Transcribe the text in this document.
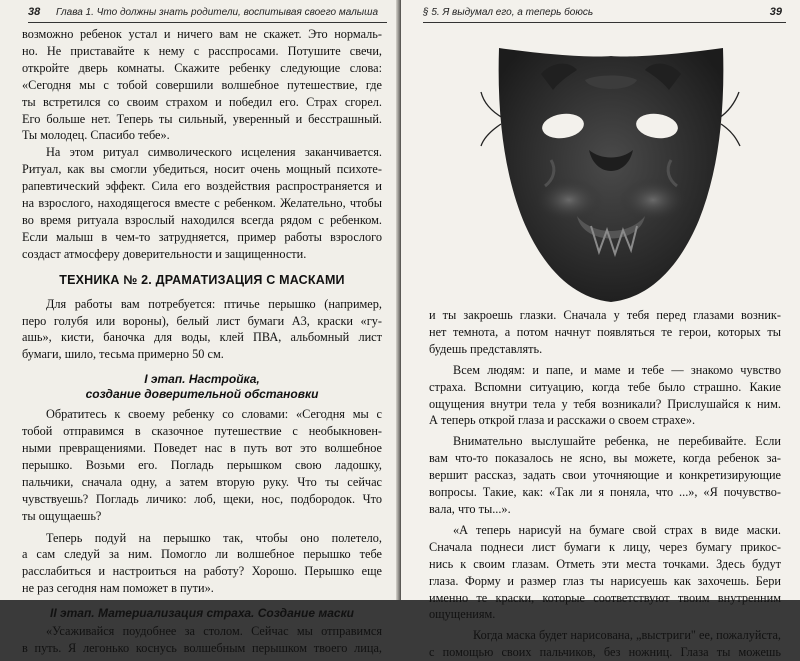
38 Глава 1. Что должны знать родители, воспитывая своего малыша
возможно ребенок устал и ничего вам не скажет. Это нормаль-
но. Не приставайте к нему с расспросами. Потушите свечи,
откройте дверь комнаты. Скажите ребенку следующие слова:
«Сегодня мы с тобой совершили волшебное путешествие, где
ты встретился со своим страхом и победил его. Страх сгорел.
Его больше нет. Теперь ты сильный, уверенный и бесстрашный.
Ты молодец. Спасибо тебе».
На этом ритуал символического исцеления заканчивается.
Ритуал, как вы смогли убедиться, носит очень мощный психоте-
рапевтический эффект. Сила его воздействия распространяется и
на взрослого, находящегося вместе с ребенком. Желательно, чтобы
во время ритуала взрослый находился всегда рядом с ребенком.
Если малыш в чем-то затрудняется, пример работы взрослого
создаст атмосферу доверительности и защищенности.
ТЕХНИКА № 2. ДРАМАТИЗАЦИЯ С МАСКАМИ
Для работы вам потребуется: птичье перышко (например,
перо голубя или вороны), белый лист бумаги А3, краски «гу-
ашь», кисти, баночка для воды, клей ПВА, альбомный лист
бумаги, шило, тесьма примерно 50 см.
I этап. Настройка,
создание доверительной обстановки
Обратитесь к своему ребенку со словами: «Сегодня мы с
тобой отправимся в сказочное путешествие с необыкновен-
ными превращениями. Поведет нас в путь вот это волшебное
перышко. Возьми его. Погладь перышком свою ладошку,
пальчики, сначала одну, а затем вторую руку. Что ты сейчас
чувствуешь? Погладь личико: лоб, щеки, нос, подбородок. Что
ты ощущаешь?
Теперь подуй на перышко так, чтобы оно полетело,
а сам следуй за ним. Помогло ли волшебное перышко тебе
расслабиться и настроиться на работу? Хорошо. Перышко еще
не раз сегодня нам поможет в пути».
II этап. Материализация страха. Создание маски
«Усаживайся поудобнее за столом. Сейчас мы отправимся
в путь. Я легонько коснусь волшебным перышком твоего лица,
§ 5. Я выдумал его, а теперь боюсь	39
и ты закроешь глазки. Сначала у тебя перед глазами возник-
нет темнота, а потом начнут появляться те герои, которых ты
будешь представлять.
Всем людям: и папе, и маме и тебе — знакомо чувство
страха. Вспомни ситуацию, когда тебе было страшно. Какие
ощущения внутри тела у тебя возникали? Прислушайся к ним.
А теперь открой глаза и расскажи о своем страхе».
Внимательно выслушайте ребенка, не перебивайте. Если
вам что-то показалось не ясно, вы можете, когда ребенок за-
вершит рассказ, задать свои уточняющие и конкретизирующие
вопросы. Такие, как: «Так ли я поняла, что ...», «Я почувство-
вала, что ты...».
«А теперь нарисуй на бумаге свой страх в виде маски.
Сначала поднеси лист бумаги к лицу, через бумагу прикос-
нись к своим глазам. Отметь эти места точками. Здесь будут
глаза. Форму и размер глаз ты нарисуешь как захочешь. Бери
именно те краски, которые соответствуют твоим внутренним
ощущениям.
Когда маска будет нарисована, „выстриги" ее, пожалуйста,
с помощью своих пальчиков, без ножниц. Глаза ты можешь
